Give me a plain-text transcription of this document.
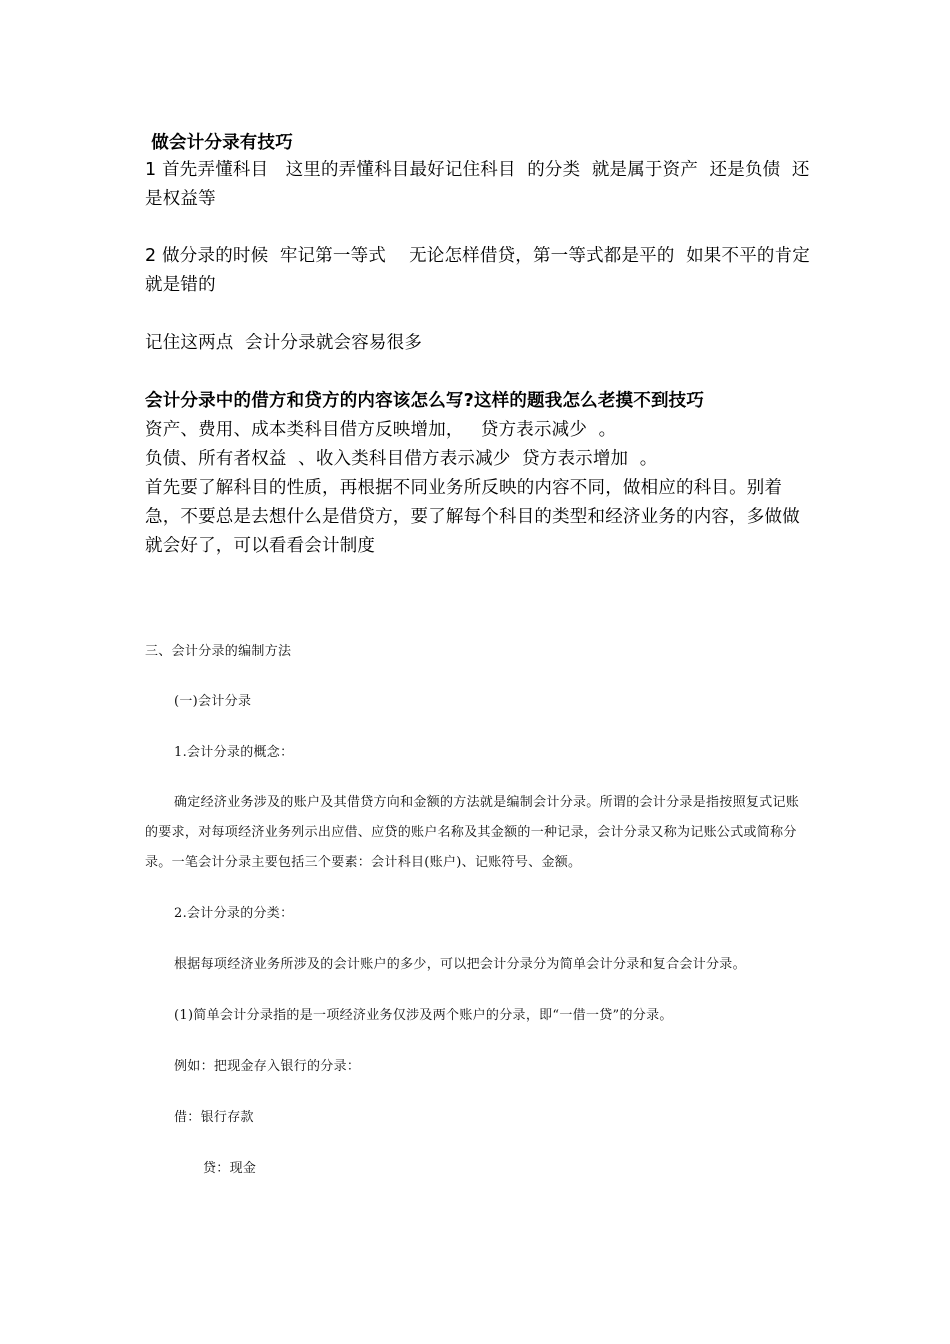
做会计分录有技巧

1 首先弄懂科目   这里的弄懂科目最好记住科目  的分类  就是属于资产  还是负债  还是权益等

2 做分录的时候  牢记第一等式    无论怎样借贷，第一等式都是平的  如果不平的肯定就是错的

记住这两点  会计分录就会容易很多

会计分录中的借方和贷方的内容该怎么写?这样的题我怎么老摸不到技巧

资产、费用、成本类科目借方反映增加，   贷方表示减少  。

负债、所有者权益  、收入类科目借方表示减少  贷方表示增加  。

首先要了解科目的性质，再根据不同业务所反映的内容不同，做相应的科目。别着急，不要总是去想什么是借贷方，要了解每个科目的类型和经济业务的内容，多做做就会好了，可以看看会计制度

三、会计分录的编制方法

(一)会计分录

1.会计分录的概念：

确定经济业务涉及的账户及其借贷方向和金额的方法就是编制会计分录。所谓的会计分录是指按照复式记账的要求，对每项经济业务列示出应借、应贷的账户名称及其金额的一种记录，会计分录又称为记账公式或简称分录。一笔会计分录主要包括三个要素：会计科目(账户)、记账符号、金额。

2.会计分录的分类：

根据每项经济业务所涉及的会计账户的多少，可以把会计分录分为简单会计分录和复合会计分录。

(1)简单会计分录指的是一项经济业务仅涉及两个账户的分录，即“一借一贷”的分录。

例如：把现金存入银行的分录：

借：银行存款

贷：现金
